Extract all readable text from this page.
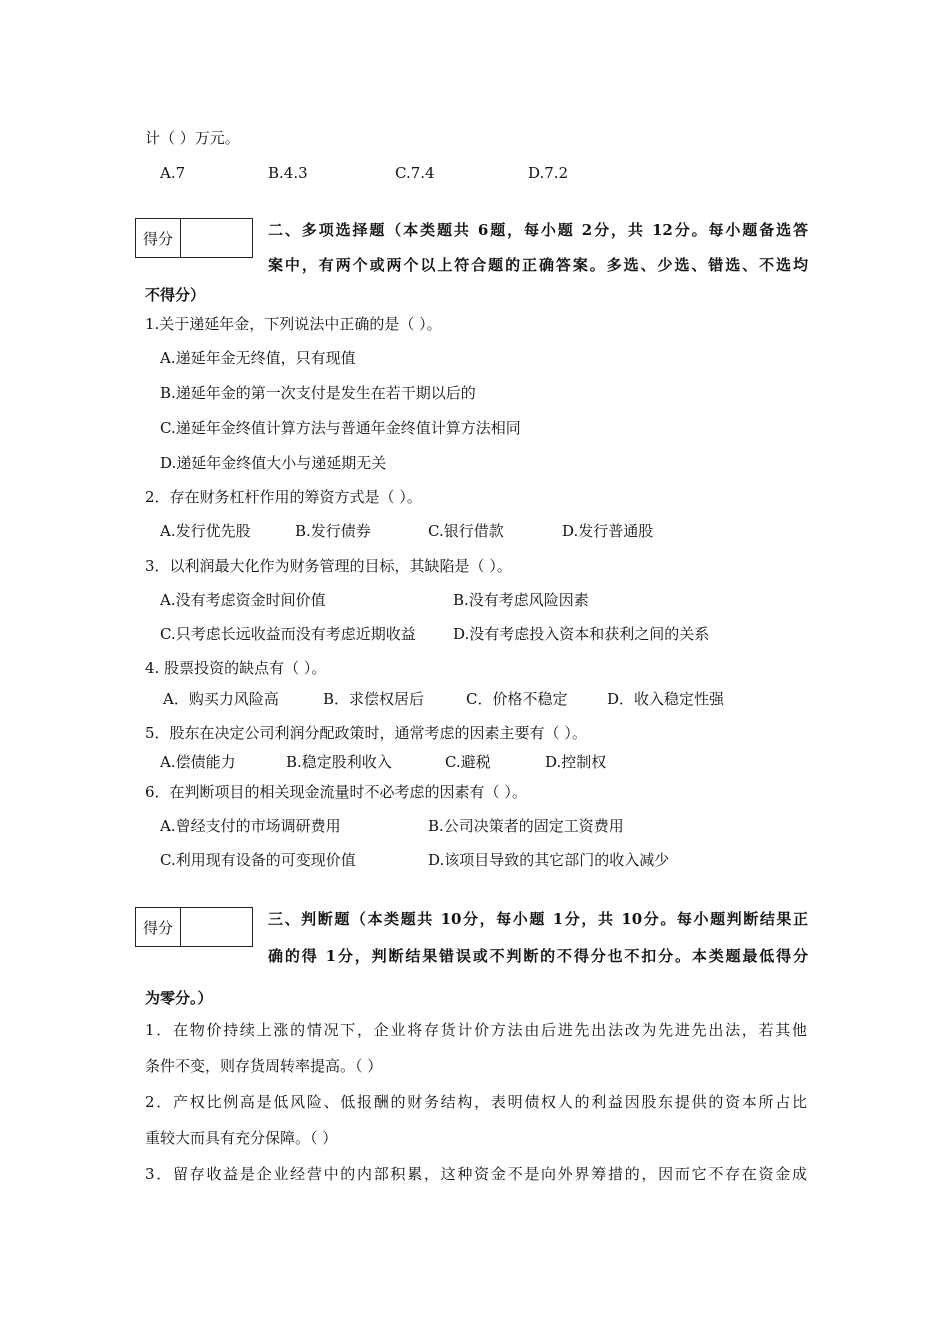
计（ ）万元。
A.7	B.4.3	C.7.4	D.7.2
得分	二、多项选择题（本类题共 6题，每小题 2分，共 12分。每小题备选答
案中，有两个或两个以上符合题的正确答案。多选、少选、错选、不选均
不得分）
1.关于递延年金，下列说法中正确的是（ ）。
A.递延年金无终值，只有现值
B.递延年金的第一次支付是发生在若干期以后的
C.递延年金终值计算方法与普通年金终值计算方法相同
D.递延年金终值大小与递延期无关
2．存在财务杠杆作用的筹资方式是（ ）。
A.发行优先股	B.发行债券	C.银行借款	D.发行普通股
3．以利润最大化作为财务管理的目标，其缺陷是（ ）。
A.没有考虑资金时间价值	B.没有考虑风险因素
C.只考虑长远收益而没有考虑近期收益 D.没有考虑投入资本和获利之间的关系
4. 股票投资的缺点有（ ）。
A．购买力风险高	B．求偿权居后	C．价格不稳定	D．收入稳定性强
5．股东在决定公司利润分配政策时，通常考虑的因素主要有（ ）。
A.偿债能力	B.稳定股利收入	C.避税	D.控制权
6．在判断项目的相关现金流量时不必考虑的因素有（ ）。
A.曾经支付的市场调研费用	B.公司决策者的固定工资费用
C.利用现有设备的可变现价值	D.该项目导致的其它部门的收入减少
得分	三、判断题（本类题共 10分，每小题 1分，共 10分。每小题判断结果正
确的得 1分，判断结果错误或不判断的不得分也不扣分。本类题最低得分
为零分。）
1．在物价持续上涨的情况下，企业将存货计价方法由后进先出法改为先进先出法，若其他
条件不变，则存货周转率提高。（ ）
2．产权比例高是低风险、低报酬的财务结构，表明债权人的利益因股东提供的资本所占比
重较大而具有充分保障。（ ）
3．留存收益是企业经营中的内部积累，这种资金不是向外界筹措的，因而它不存在资金成
